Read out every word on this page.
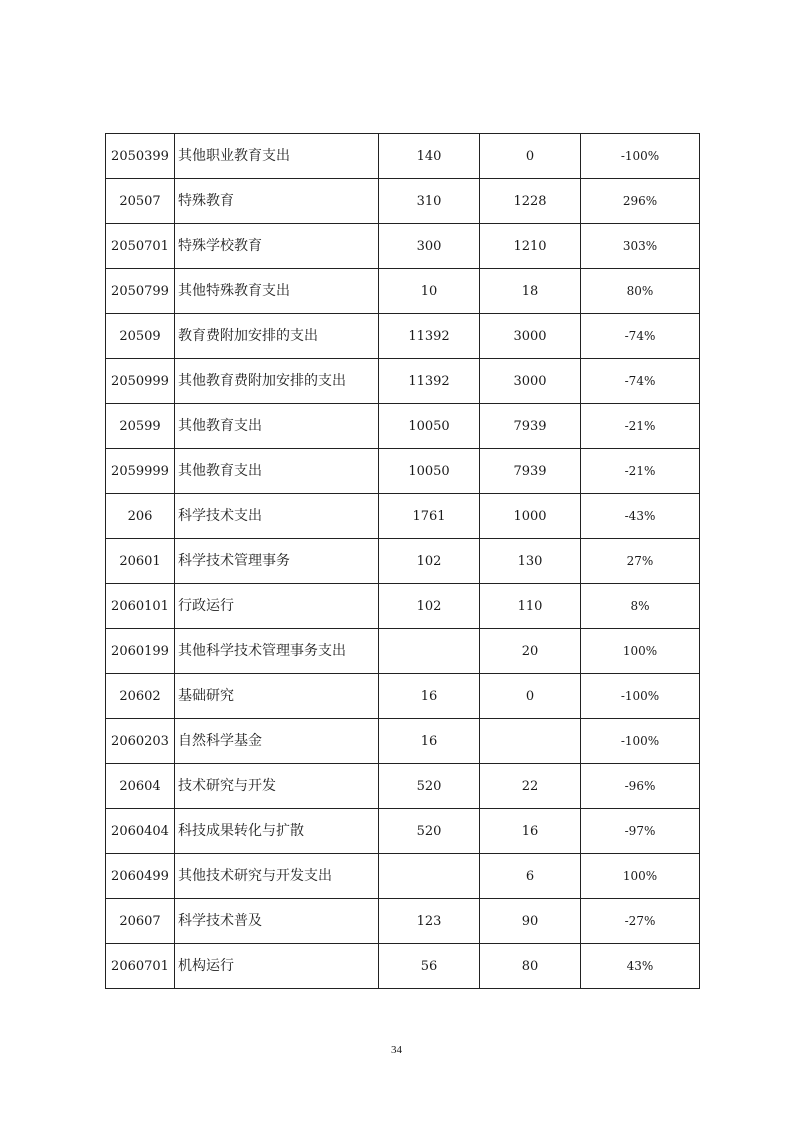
2050399	其他职业教育支出	140	0	-100%
20507	特殊教育	310	1228	296%
2050701	特殊学校教育	300	1210	303%
2050799	其他特殊教育支出	10	18	80%
20509	教育费附加安排的支出	11392	3000	-74%
2050999	其他教育费附加安排的支出	11392	3000	-74%
20599	其他教育支出	10050	7939	-21%
2059999	其他教育支出	10050	7939	-21%
206	科学技术支出	1761	1000	-43%
20601	科学技术管理事务	102	130	27%
2060101	行政运行	102	110	8%
2060199	其他科学技术管理事务支出		20	100%
20602	基础研究	16	0	-100%
2060203	自然科学基金	16		-100%
20604	技术研究与开发	520	22	-96%
2060404	科技成果转化与扩散	520	16	-97%
2060499	其他技术研究与开发支出		6	100%
20607	科学技术普及	123	90	-27%
2060701	机构运行	56	80	43%
34
